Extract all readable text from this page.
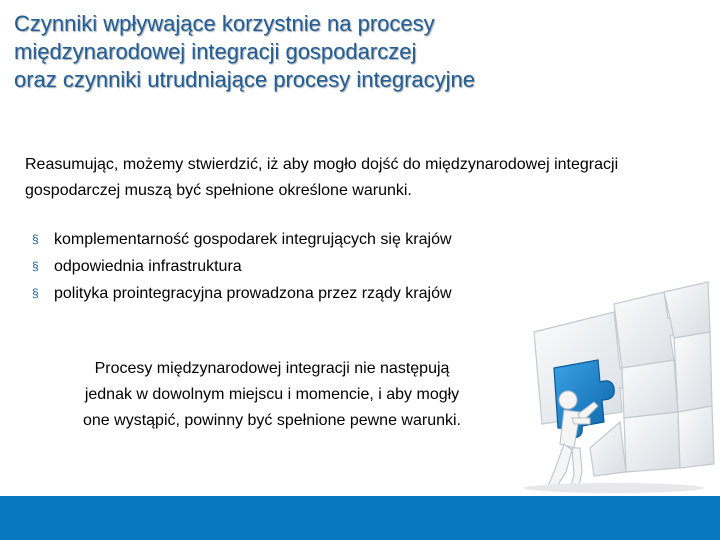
Czynniki wpływające korzystnie na procesy
międzynarodowej integracji gospodarczej
oraz czynniki utrudniające procesy integracyjne
Reasumując, możemy stwierdzić, iż aby mogło dojść do międzynarodowej integracji
gospodarczej muszą być spełnione określone warunki.
§ komplementarność gospodarek integrujących się krajów
§ odpowiednia infrastruktura
§ polityka prointegracyjna prowadzona przez rządy krajów
Procesy międzynarodowej integracji nie następują
jednak w dowolnym miejscu i momencie, i aby mogły
one wystąpić, powinny być spełnione pewne warunki.
